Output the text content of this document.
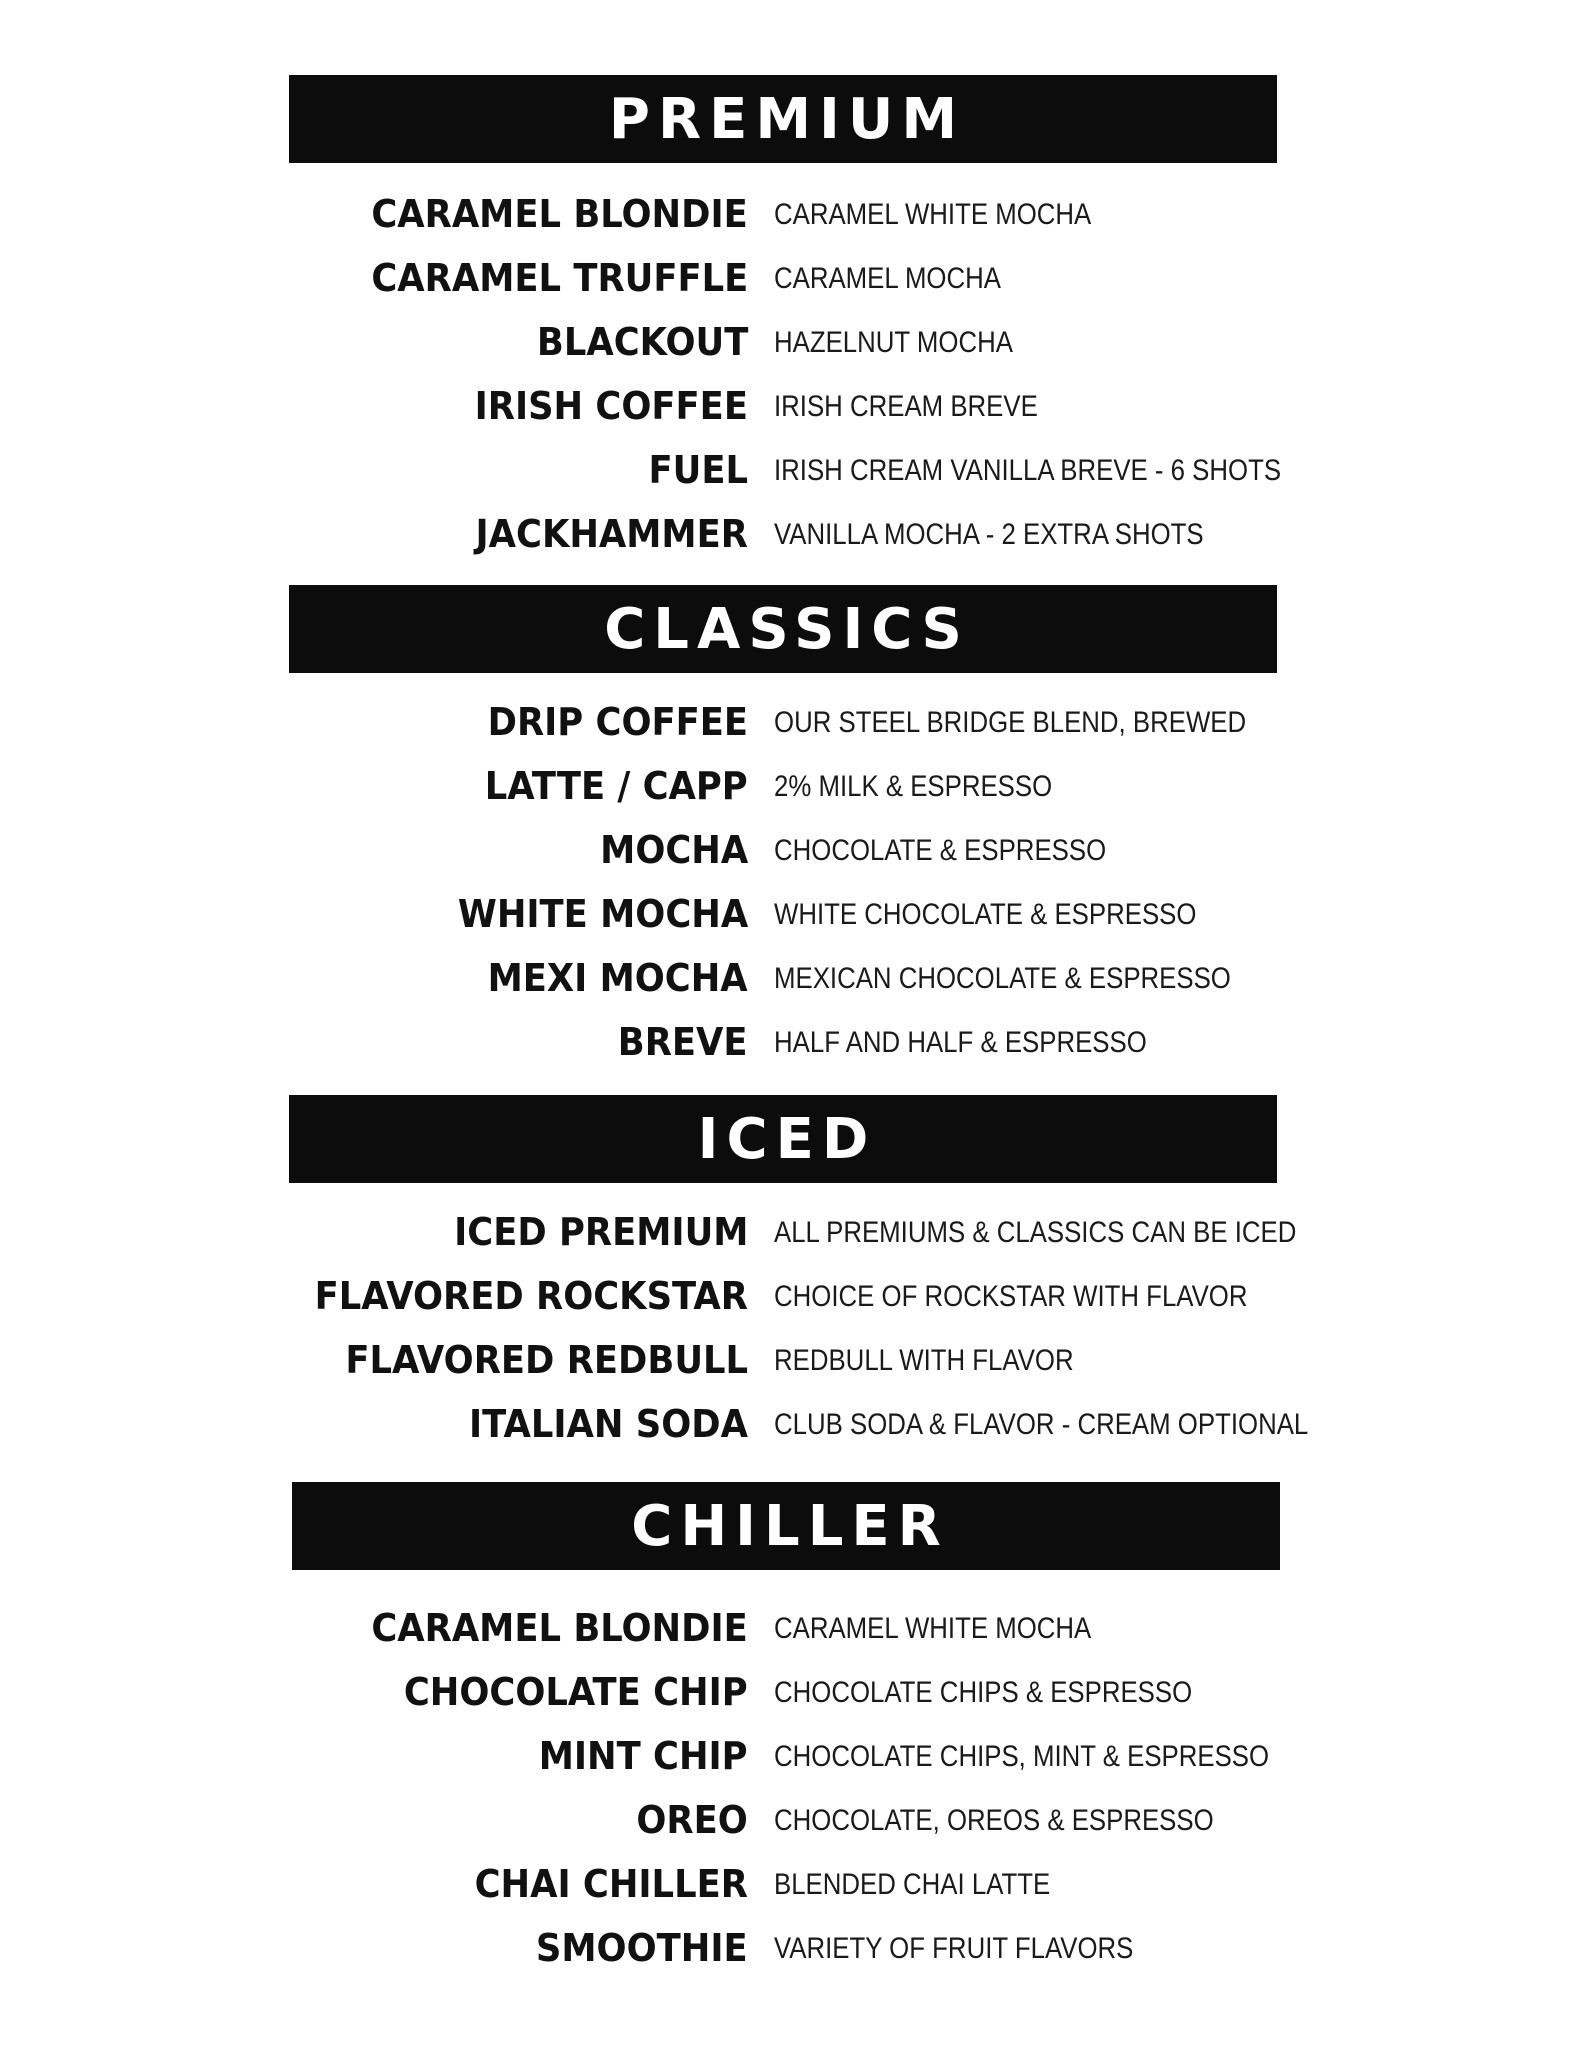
PREMIUM
CARAMEL BLONDIE CARAMEL WHITE MOCHA
CARAMEL TRUFFLE CARAMEL MOCHA
BLACKOUT HAZELNUT MOCHA
IRISH COFFEE IRISH CREAM BREVE
FUEL IRISH CREAM VANILLA BREVE - 6 SHOTS
JACKHAMMER VANILLA MOCHA - 2 EXTRA SHOTS
CLASSICS
DRIP COFFEE OUR STEEL BRIDGE BLEND, BREWED
LATTE / CAPP 2% MILK & ESPRESSO
MOCHA CHOCOLATE & ESPRESSO
WHITE MOCHA WHITE CHOCOLATE & ESPRESSO
MEXI MOCHA MEXICAN CHOCOLATE & ESPRESSO
BREVE HALF AND HALF & ESPRESSO
ICED
ICED PREMIUM ALL PREMIUMS & CLASSICS CAN BE ICED
FLAVORED ROCKSTAR CHOICE OF ROCKSTAR WITH FLAVOR
FLAVORED REDBULL REDBULL WITH FLAVOR
ITALIAN SODA CLUB SODA & FLAVOR - CREAM OPTIONAL
CHILLER
CARAMEL BLONDIE CARAMEL WHITE MOCHA
CHOCOLATE CHIP CHOCOLATE CHIPS & ESPRESSO
MINT CHIP CHOCOLATE CHIPS, MINT & ESPRESSO
OREO CHOCOLATE, OREOS & ESPRESSO
CHAI CHILLER BLENDED CHAI LATTE
SMOOTHIE VARIETY OF FRUIT FLAVORS
